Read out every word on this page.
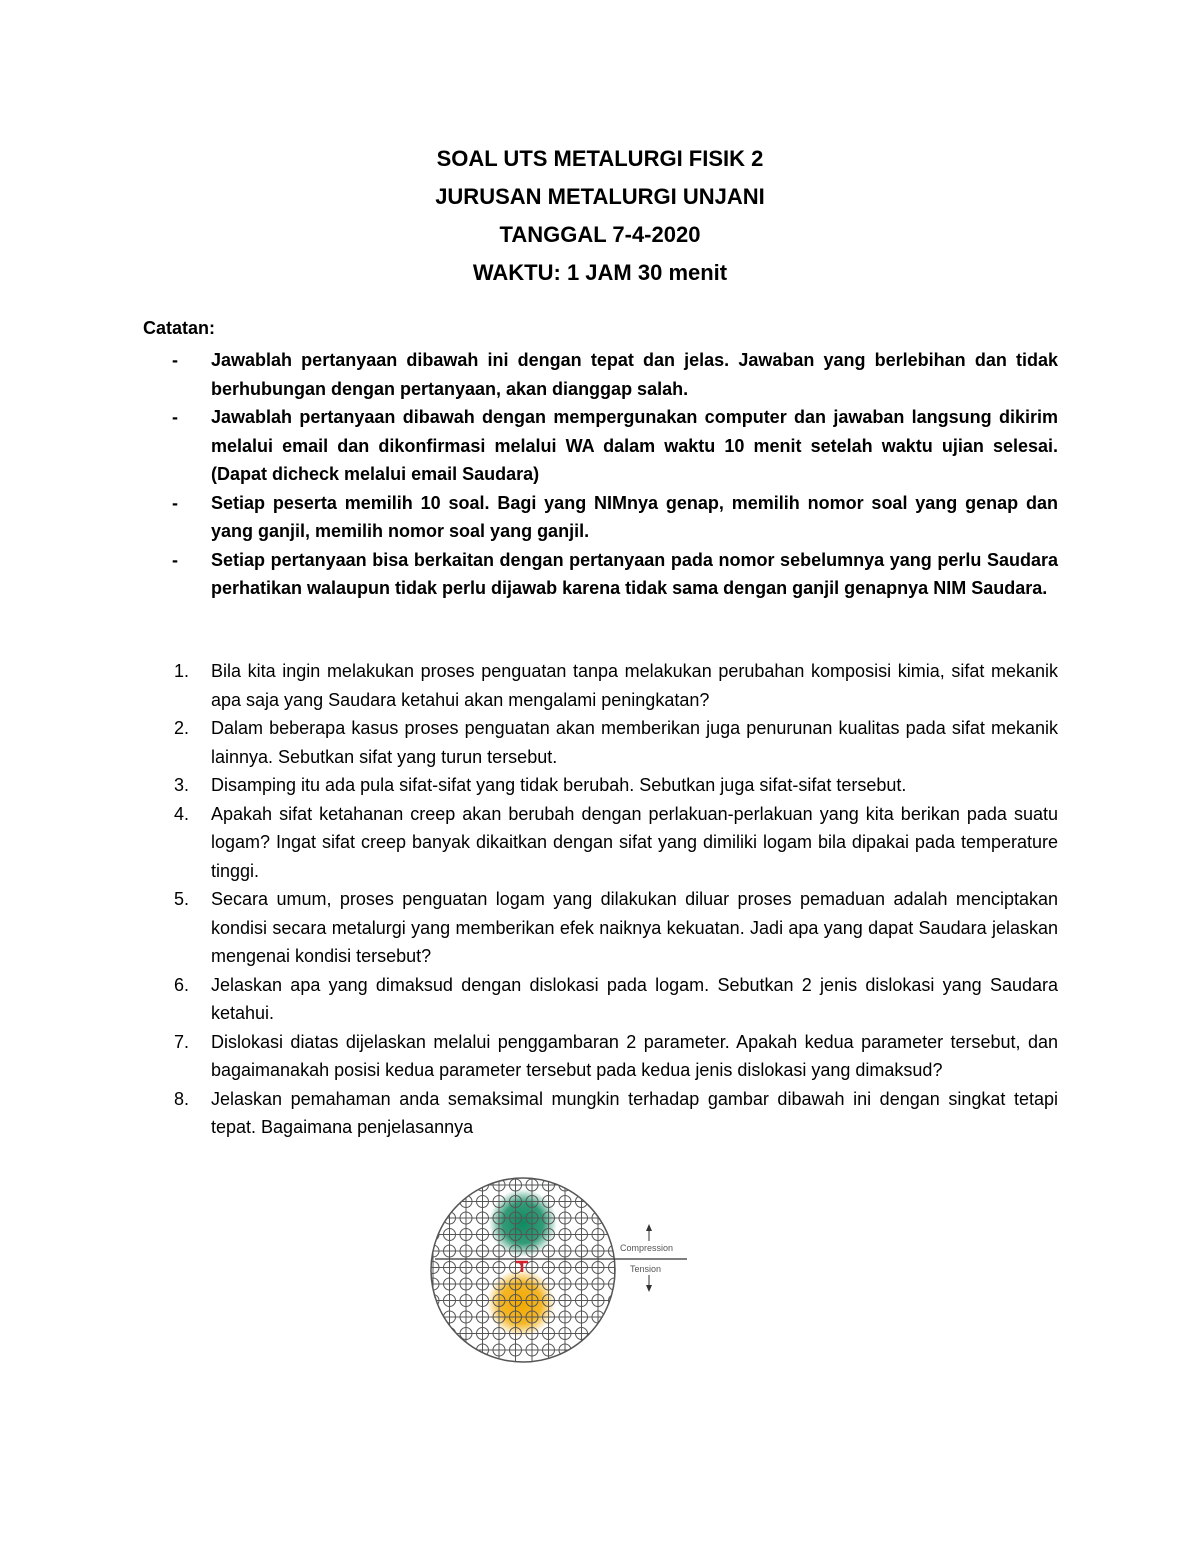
SOAL UTS METALURGI FISIK 2
JURUSAN METALURGI UNJANI
TANGGAL 7-4-2020
WAKTU: 1 JAM 30 menit
Catatan:
- Jawablah pertanyaan dibawah ini dengan tepat dan jelas. Jawaban yang berlebihan dan tidak berhubungan dengan pertanyaan, akan dianggap salah.
- Jawablah pertanyaan dibawah dengan mempergunakan computer dan jawaban langsung dikirim melalui email dan dikonfirmasi melalui WA dalam waktu 10 menit setelah waktu ujian selesai. (Dapat dicheck melalui email Saudara)
- Setiap peserta memilih 10 soal. Bagi yang NIMnya genap, memilih nomor soal yang genap dan yang ganjil, memilih nomor soal yang ganjil.
- Setiap pertanyaan bisa berkaitan dengan pertanyaan pada nomor sebelumnya yang perlu Saudara perhatikan walaupun tidak perlu dijawab karena tidak sama dengan ganjil genapnya NIM Saudara.
1. Bila kita ingin melakukan proses penguatan tanpa melakukan perubahan komposisi kimia, sifat mekanik apa saja yang Saudara ketahui akan mengalami peningkatan?
2. Dalam beberapa kasus proses penguatan akan memberikan juga penurunan kualitas pada sifat mekanik lainnya. Sebutkan sifat yang turun tersebut.
3. Disamping itu ada pula sifat-sifat yang tidak berubah. Sebutkan juga sifat-sifat tersebut.
4. Apakah sifat ketahanan creep akan berubah dengan perlakuan-perlakuan yang kita berikan pada suatu logam? Ingat sifat creep banyak dikaitkan dengan sifat yang dimiliki logam bila dipakai pada temperature tinggi.
5. Secara umum, proses penguatan logam yang dilakukan diluar proses pemaduan adalah menciptakan kondisi secara metalurgi yang memberikan efek naiknya kekuatan. Jadi apa yang dapat Saudara jelaskan mengenai kondisi tersebut?
6. Jelaskan apa yang dimaksud dengan dislokasi pada logam. Sebutkan 2 jenis dislokasi yang Saudara ketahui.
7. Dislokasi diatas dijelaskan melalui penggambaran 2 parameter. Apakah kedua parameter tersebut, dan bagaimanakah posisi kedua parameter tersebut pada kedua jenis dislokasi yang dimaksud?
8. Jelaskan pemahaman anda semaksimal mungkin terhadap gambar dibawah ini dengan singkat tetapi tepat. Bagaimana penjelasannya
Compression
Tension
